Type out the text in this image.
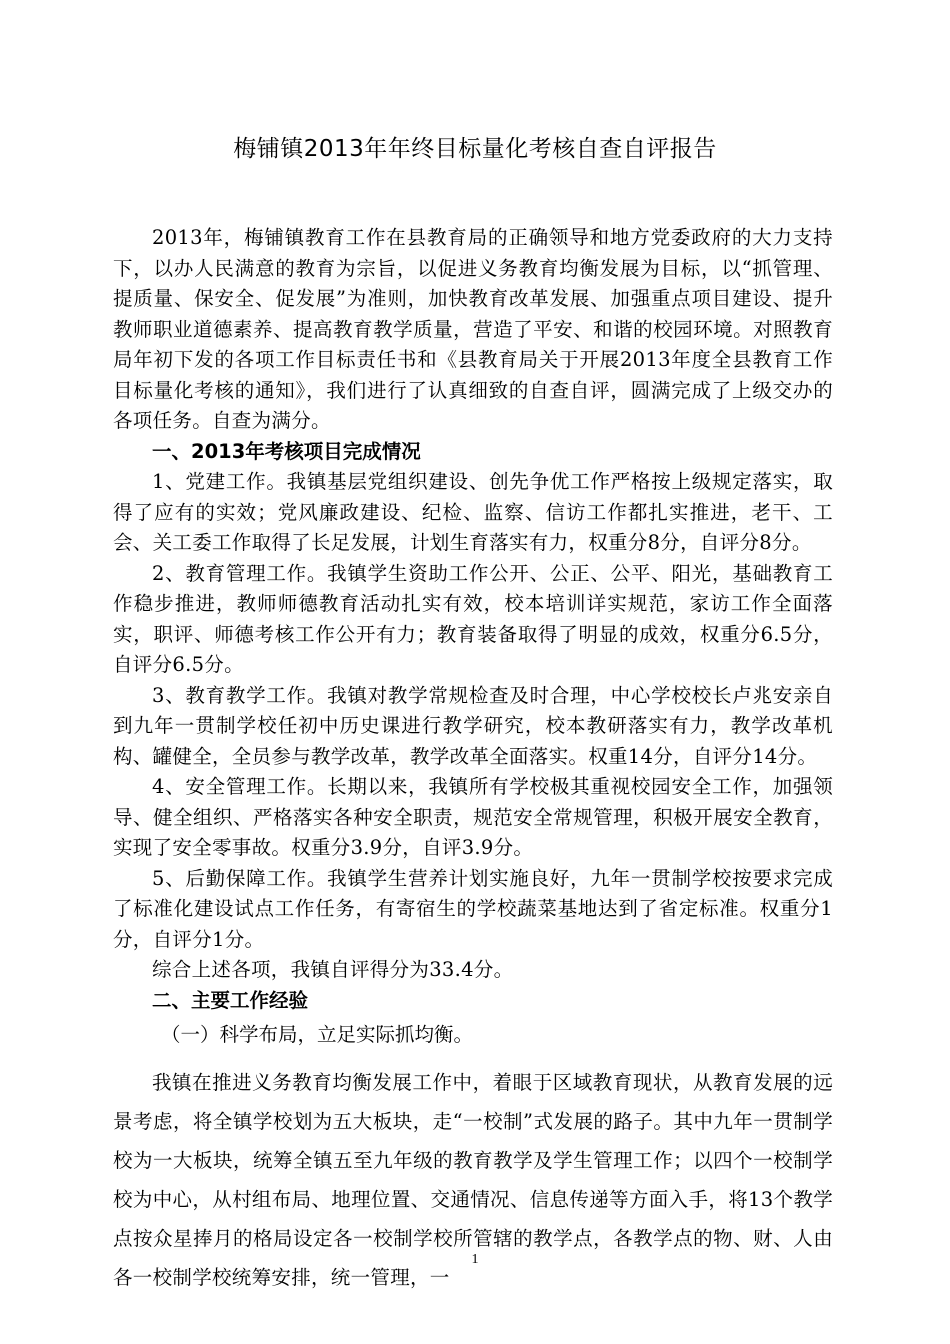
梅铺镇2013年年终目标量化考核自查自评报告

2013年，梅铺镇教育工作在县教育局的正确领导和地方党委政府的大力支持下，以办人民满意的教育为宗旨，以促进义务教育均衡发展为目标，以“抓管理、提质量、保安全、促发展”为准则，加快教育改革发展、加强重点项目建设、提升教师职业道德素养、提高教育教学质量，营造了平安、和谐的校园环境。对照教育局年初下发的各项工作目标责任书和《县教育局关于开展2013年度全县教育工作目标量化考核的通知》，我们进行了认真细致的自查自评，圆满完成了上级交办的各项任务。自查为满分。

一、2013年考核项目完成情况

1、党建工作。我镇基层党组织建设、创先争优工作严格按上级规定落实，取得了应有的实效；党风廉政建设、纪检、监察、信访工作都扎实推进，老干、工会、关工委工作取得了长足发展，计划生育落实有力，权重分8分，自评分8分。

2、教育管理工作。我镇学生资助工作公开、公正、公平、阳光，基础教育工作稳步推进，教师师德教育活动扎实有效，校本培训详实规范，家访工作全面落实，职评、师德考核工作公开有力；教育装备取得了明显的成效，权重分6.5分，自评分6.5分。

3、教育教学工作。我镇对教学常规检查及时合理，中心学校校长卢兆安亲自到九年一贯制学校任初中历史课进行教学研究，校本教研落实有力，教学改革机构、罐健全，全员参与教学改革，教学改革全面落实。权重14分，自评分14分。

4、安全管理工作。长期以来，我镇所有学校极其重视校园安全工作，加强领导、健全组织、严格落实各种安全职责，规范安全常规管理，积极开展安全教育，实现了安全零事故。权重分3.9分，自评3.9分。

5、后勤保障工作。我镇学生营养计划实施良好，九年一贯制学校按要求完成了标准化建设试点工作任务，有寄宿生的学校蔬菜基地达到了省定标准。权重分1分，自评分1分。

综合上述各项，我镇自评得分为33.4分。

二、主要工作经验

（一）科学布局，立足实际抓均衡。

我镇在推进义务教育均衡发展工作中，着眼于区域教育现状，从教育发展的远景考虑，将全镇学校划为五大板块，走“一校制”式发展的路子。其中九年一贯制学校为一大板块，统筹全镇五至九年级的教育教学及学生管理工作；以四个一校制学校为中心，从村组布局、地理位置、交通情况、信息传递等方面入手，将13个教学点按众星捧月的格局设定各一校制学校所管辖的教学点，各教学点的物、财、人由各一校制学校统筹安排，统一管理，一

1
